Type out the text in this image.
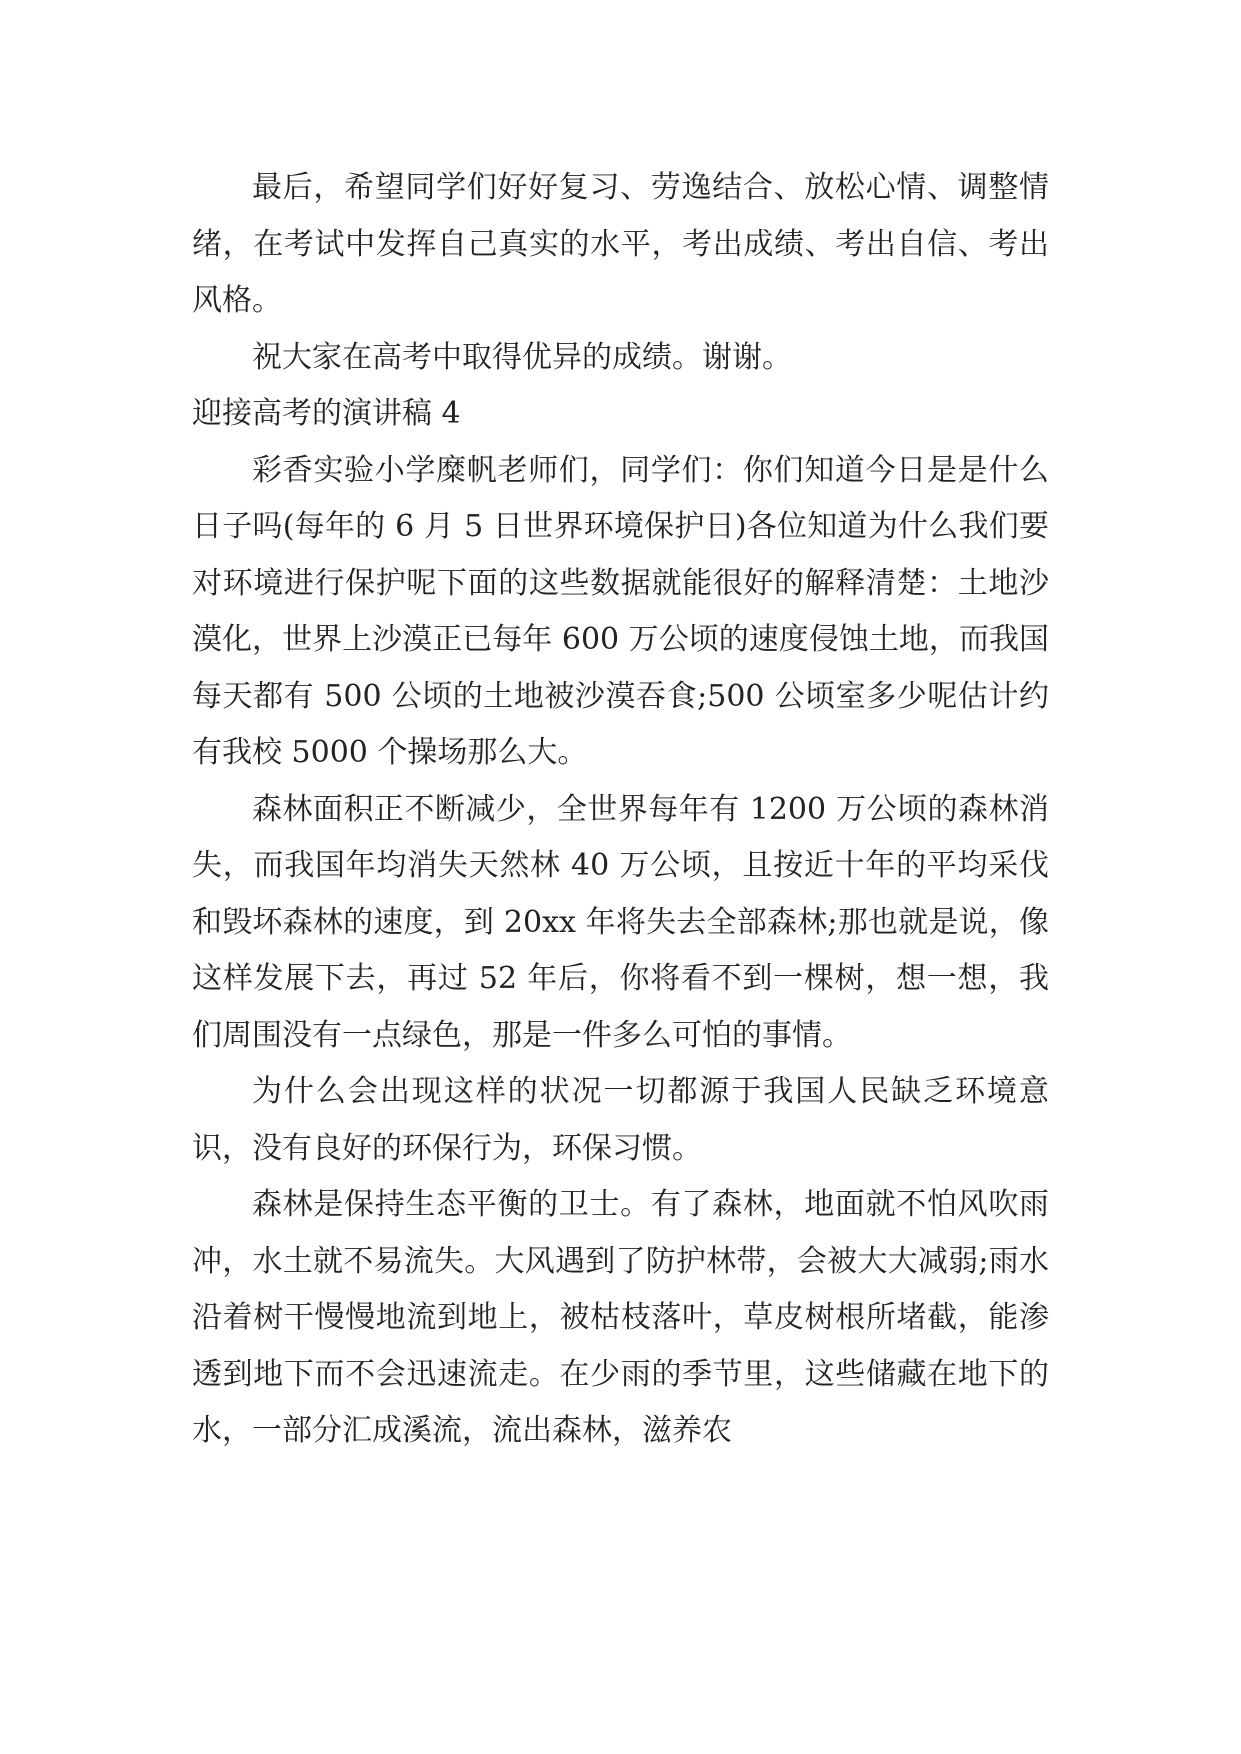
最后，希望同学们好好复习、劳逸结合、放松心情、调整情绪，在考试中发挥自己真实的水平，考出成绩、考出自信、考出风格。

祝大家在高考中取得优异的成绩。谢谢。

迎接高考的演讲稿 4

彩香实验小学糜帆老师们，同学们：你们知道今日是是什么日子吗(每年的 6 月 5 日世界环境保护日)各位知道为什么我们要对环境进行保护呢下面的这些数据就能很好的解释清楚：土地沙漠化，世界上沙漠正已每年 600 万公顷的速度侵蚀土地，而我国每天都有 500 公顷的土地被沙漠吞食;500 公顷室多少呢估计约有我校 5000 个操场那么大。

森林面积正不断减少，全世界每年有 1200 万公顷的森林消失，而我国年均消失天然林 40 万公顷，且按近十年的平均采伐和毁坏森林的速度，到 20xx 年将失去全部森林;那也就是说，像这样发展下去，再过 52 年后，你将看不到一棵树，想一想，我们周围没有一点绿色，那是一件多么可怕的事情。

为什么会出现这样的状况一切都源于我国人民缺乏环境意识，没有良好的环保行为，环保习惯。

森林是保持生态平衡的卫士。有了森林，地面就不怕风吹雨冲，水土就不易流失。大风遇到了防护林带，会被大大减弱;雨水沿着树干慢慢地流到地上，被枯枝落叶，草皮树根所堵截，能渗透到地下而不会迅速流走。在少雨的季节里，这些储藏在地下的水，一部分汇成溪流，流出森林，滋养农
